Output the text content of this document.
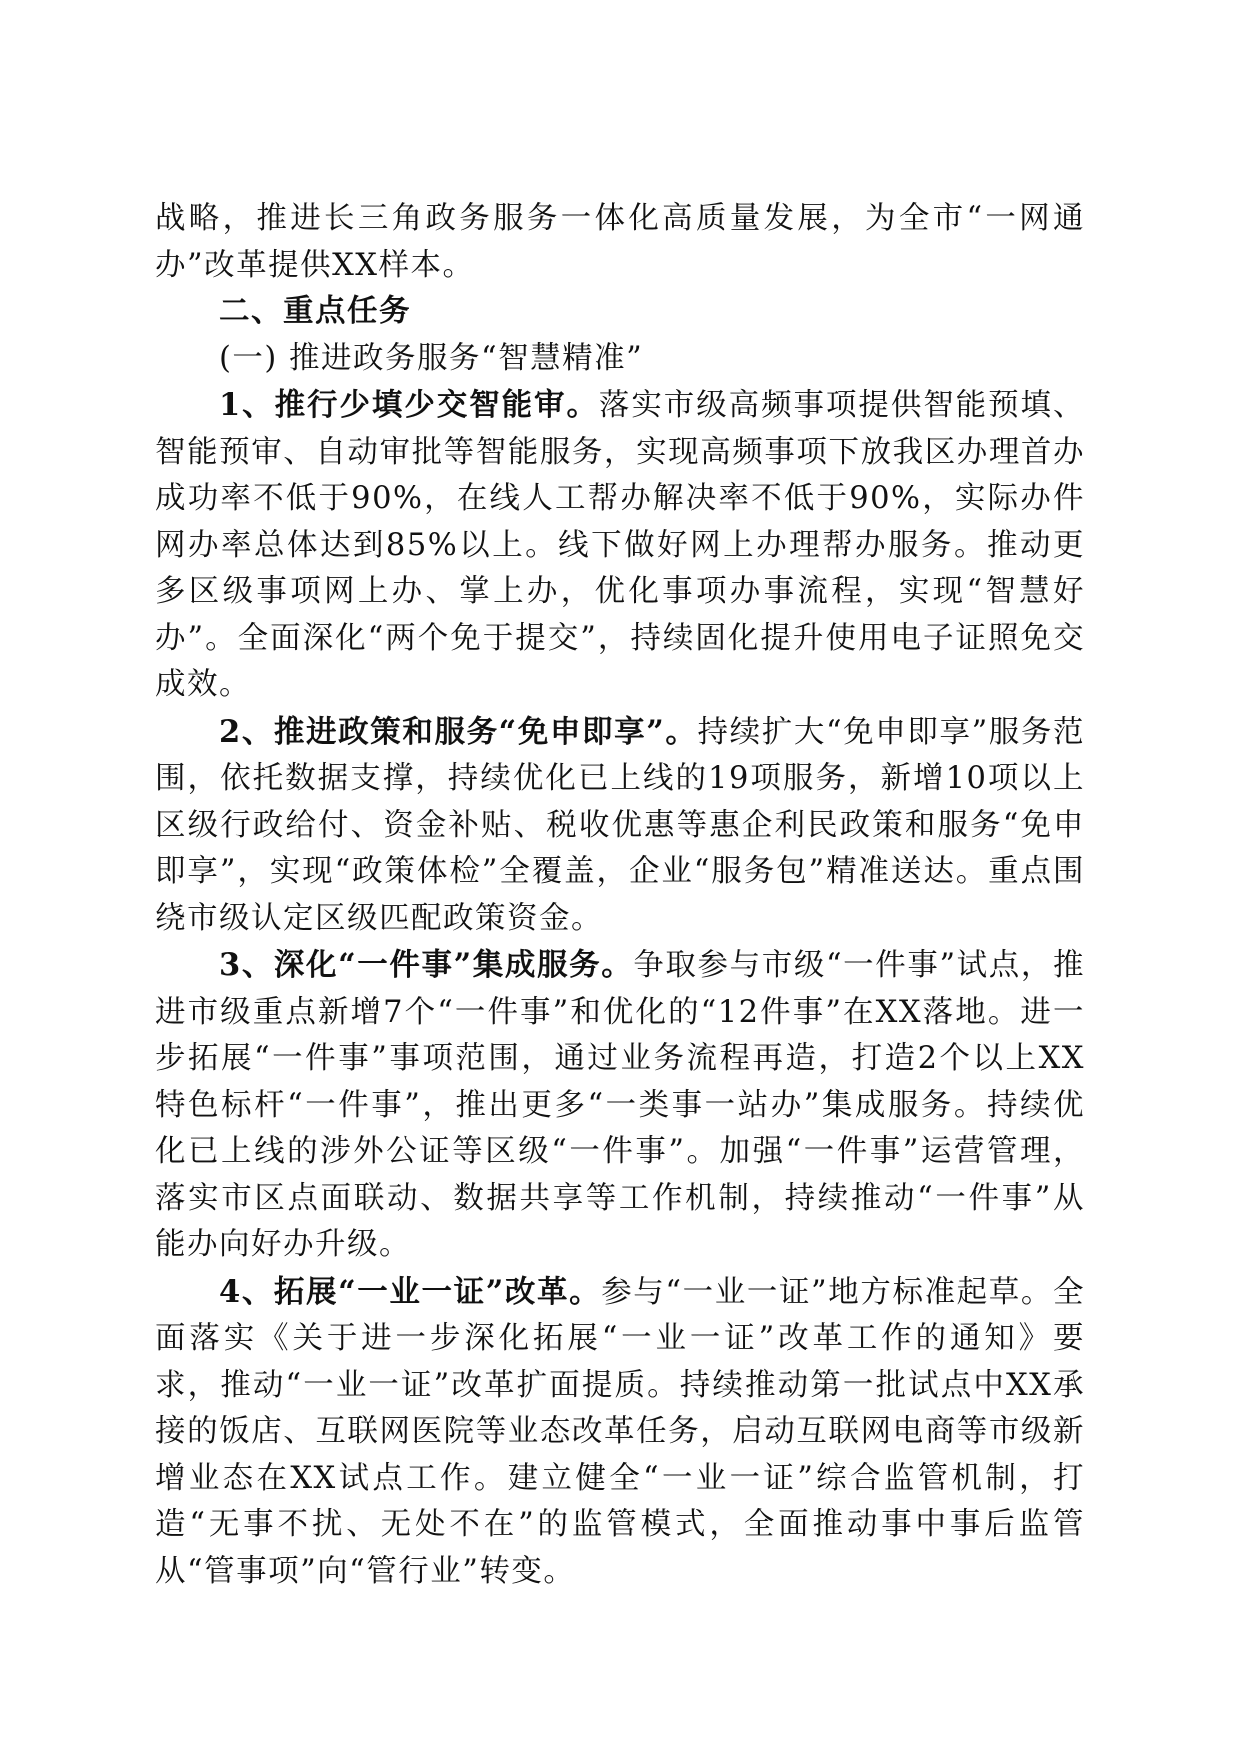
战略，推进长三角政务服务一体化高质量发展，为全市“一网通办”改革提供XX样本。

二、重点任务

(一) 推进政务服务“智慧精准”

1、推行少填少交智能审。落实市级高频事项提供智能预填、智能预审、自动审批等智能服务，实现高频事项下放我区办理首办成功率不低于90%，在线人工帮办解决率不低于90%，实际办件网办率总体达到85%以上。线下做好网上办理帮办服务。推动更多区级事项网上办、掌上办，优化事项办事流程，实现“智慧好办”。全面深化“两个免于提交”，持续固化提升使用电子证照免交成效。

2、推进政策和服务“免申即享”。持续扩大“免申即享”服务范围，依托数据支撑，持续优化已上线的19项服务，新增10项以上区级行政给付、资金补贴、税收优惠等惠企利民政策和服务“免申即享”，实现“政策体检”全覆盖，企业“服务包”精准送达。重点围绕市级认定区级匹配政策资金。

3、深化“一件事”集成服务。争取参与市级“一件事”试点，推进市级重点新增7个“一件事”和优化的“12件事”在XX落地。进一步拓展“一件事”事项范围，通过业务流程再造，打造2个以上XX特色标杆“一件事”，推出更多“一类事一站办”集成服务。持续优化已上线的涉外公证等区级“一件事”。加强“一件事”运营管理，落实市区点面联动、数据共享等工作机制，持续推动“一件事”从能办向好办升级。

4、拓展“一业一证”改革。参与“一业一证”地方标准起草。全面落实《关于进一步深化拓展“一业一证”改革工作的通知》要求，推动“一业一证”改革扩面提质。持续推动第一批试点中XX承接的饭店、互联网医院等业态改革任务，启动互联网电商等市级新增业态在XX试点工作。建立健全“一业一证”综合监管机制，打造“无事不扰、无处不在”的监管模式，全面推动事中事后监管从“管事项”向“管行业”转变。
